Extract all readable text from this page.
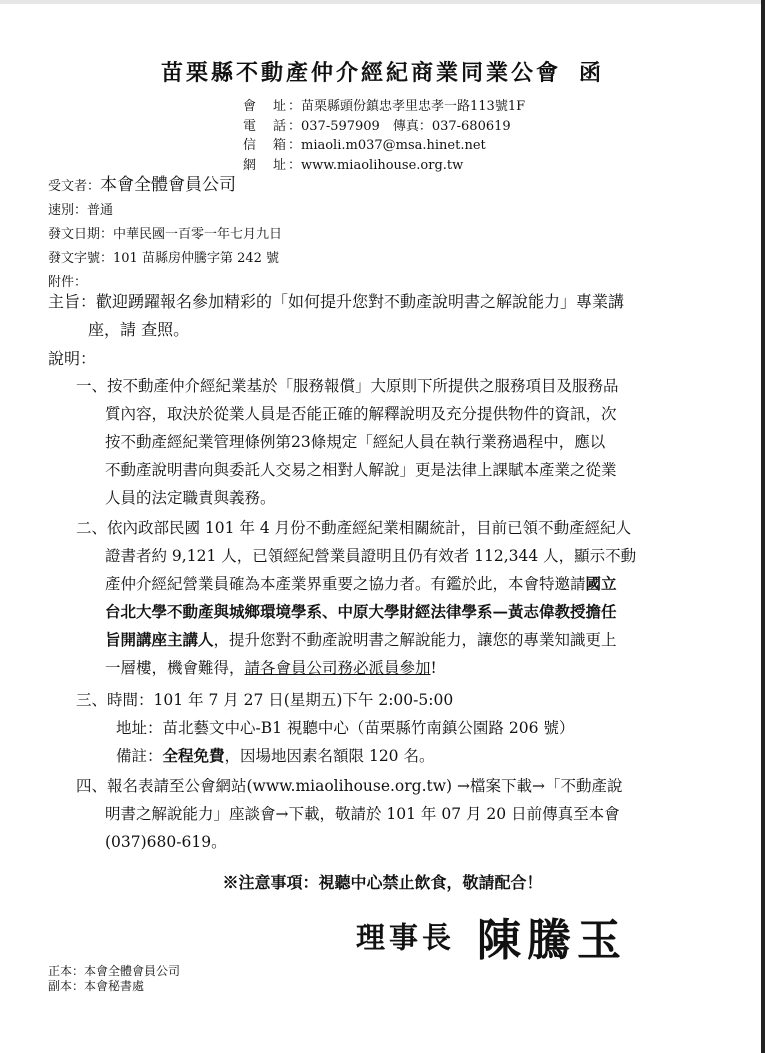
苗栗縣不動產仲介經紀商業同業公會 函
會　址：苗栗縣頭份鎮忠孝里忠孝一路113號1F
電　話：037-597909　傳真：037-680619
信　箱：miaoli.m037@msa.hinet.net
網　址：www.miaolihouse.org.tw
受文者：本會全體會員公司
速別：普通
發文日期：中華民國一百零一年七月九日
發文字號：101 苗縣房仲騰字第 242 號
附件：
主旨：歡迎踴躍報名參加精彩的「如何提升您對不動產說明書之解說能力」專業講
座，請 查照。
說明：
一、按不動產仲介經紀業基於「服務報償」大原則下所提供之服務項目及服務品
質內容，取決於從業人員是否能正確的解釋說明及充分提供物件的資訊，次
按不動產經紀業管理條例第23條規定「經紀人員在執行業務過程中，應以
不動產說明書向與委託人交易之相對人解說」更是法律上課賦本產業之從業
人員的法定職責與義務。
二、依內政部民國 101 年 4 月份不動產經紀業相關統計，目前已領不動產經紀人
證書者約 9,121 人，已領經紀營業員證明且仍有效者 112,344 人，顯示不動
產仲介經紀營業員確為本產業界重要之協力者。有鑑於此，本會特邀請國立
台北大學不動產與城鄉環境學系、中原大學財經法律學系—黃志偉教授擔任
旨開講座主講人，提升您對不動產說明書之解說能力，讓您的專業知識更上
一層樓，機會難得，請各會員公司務必派員參加!
三、時間：101 年 7 月 27 日(星期五)下午 2:00-5:00
地址：苗北藝文中心-B1 視聽中心（苗栗縣竹南鎮公園路 206 號）
備註：全程免費，因場地因素名額限 120 名。
四、報名表請至公會網站(www.miaolihouse.org.tw) →檔案下載→「不動產說
明書之解說能力」座談會→下載，敬請於 101 年 07 月 20 日前傳真至本會
(037)680-619。
※注意事項：視聽中心禁止飲食，敬請配合！
理事長 陳騰玉
正本：本會全體會員公司
副本：本會秘書處
